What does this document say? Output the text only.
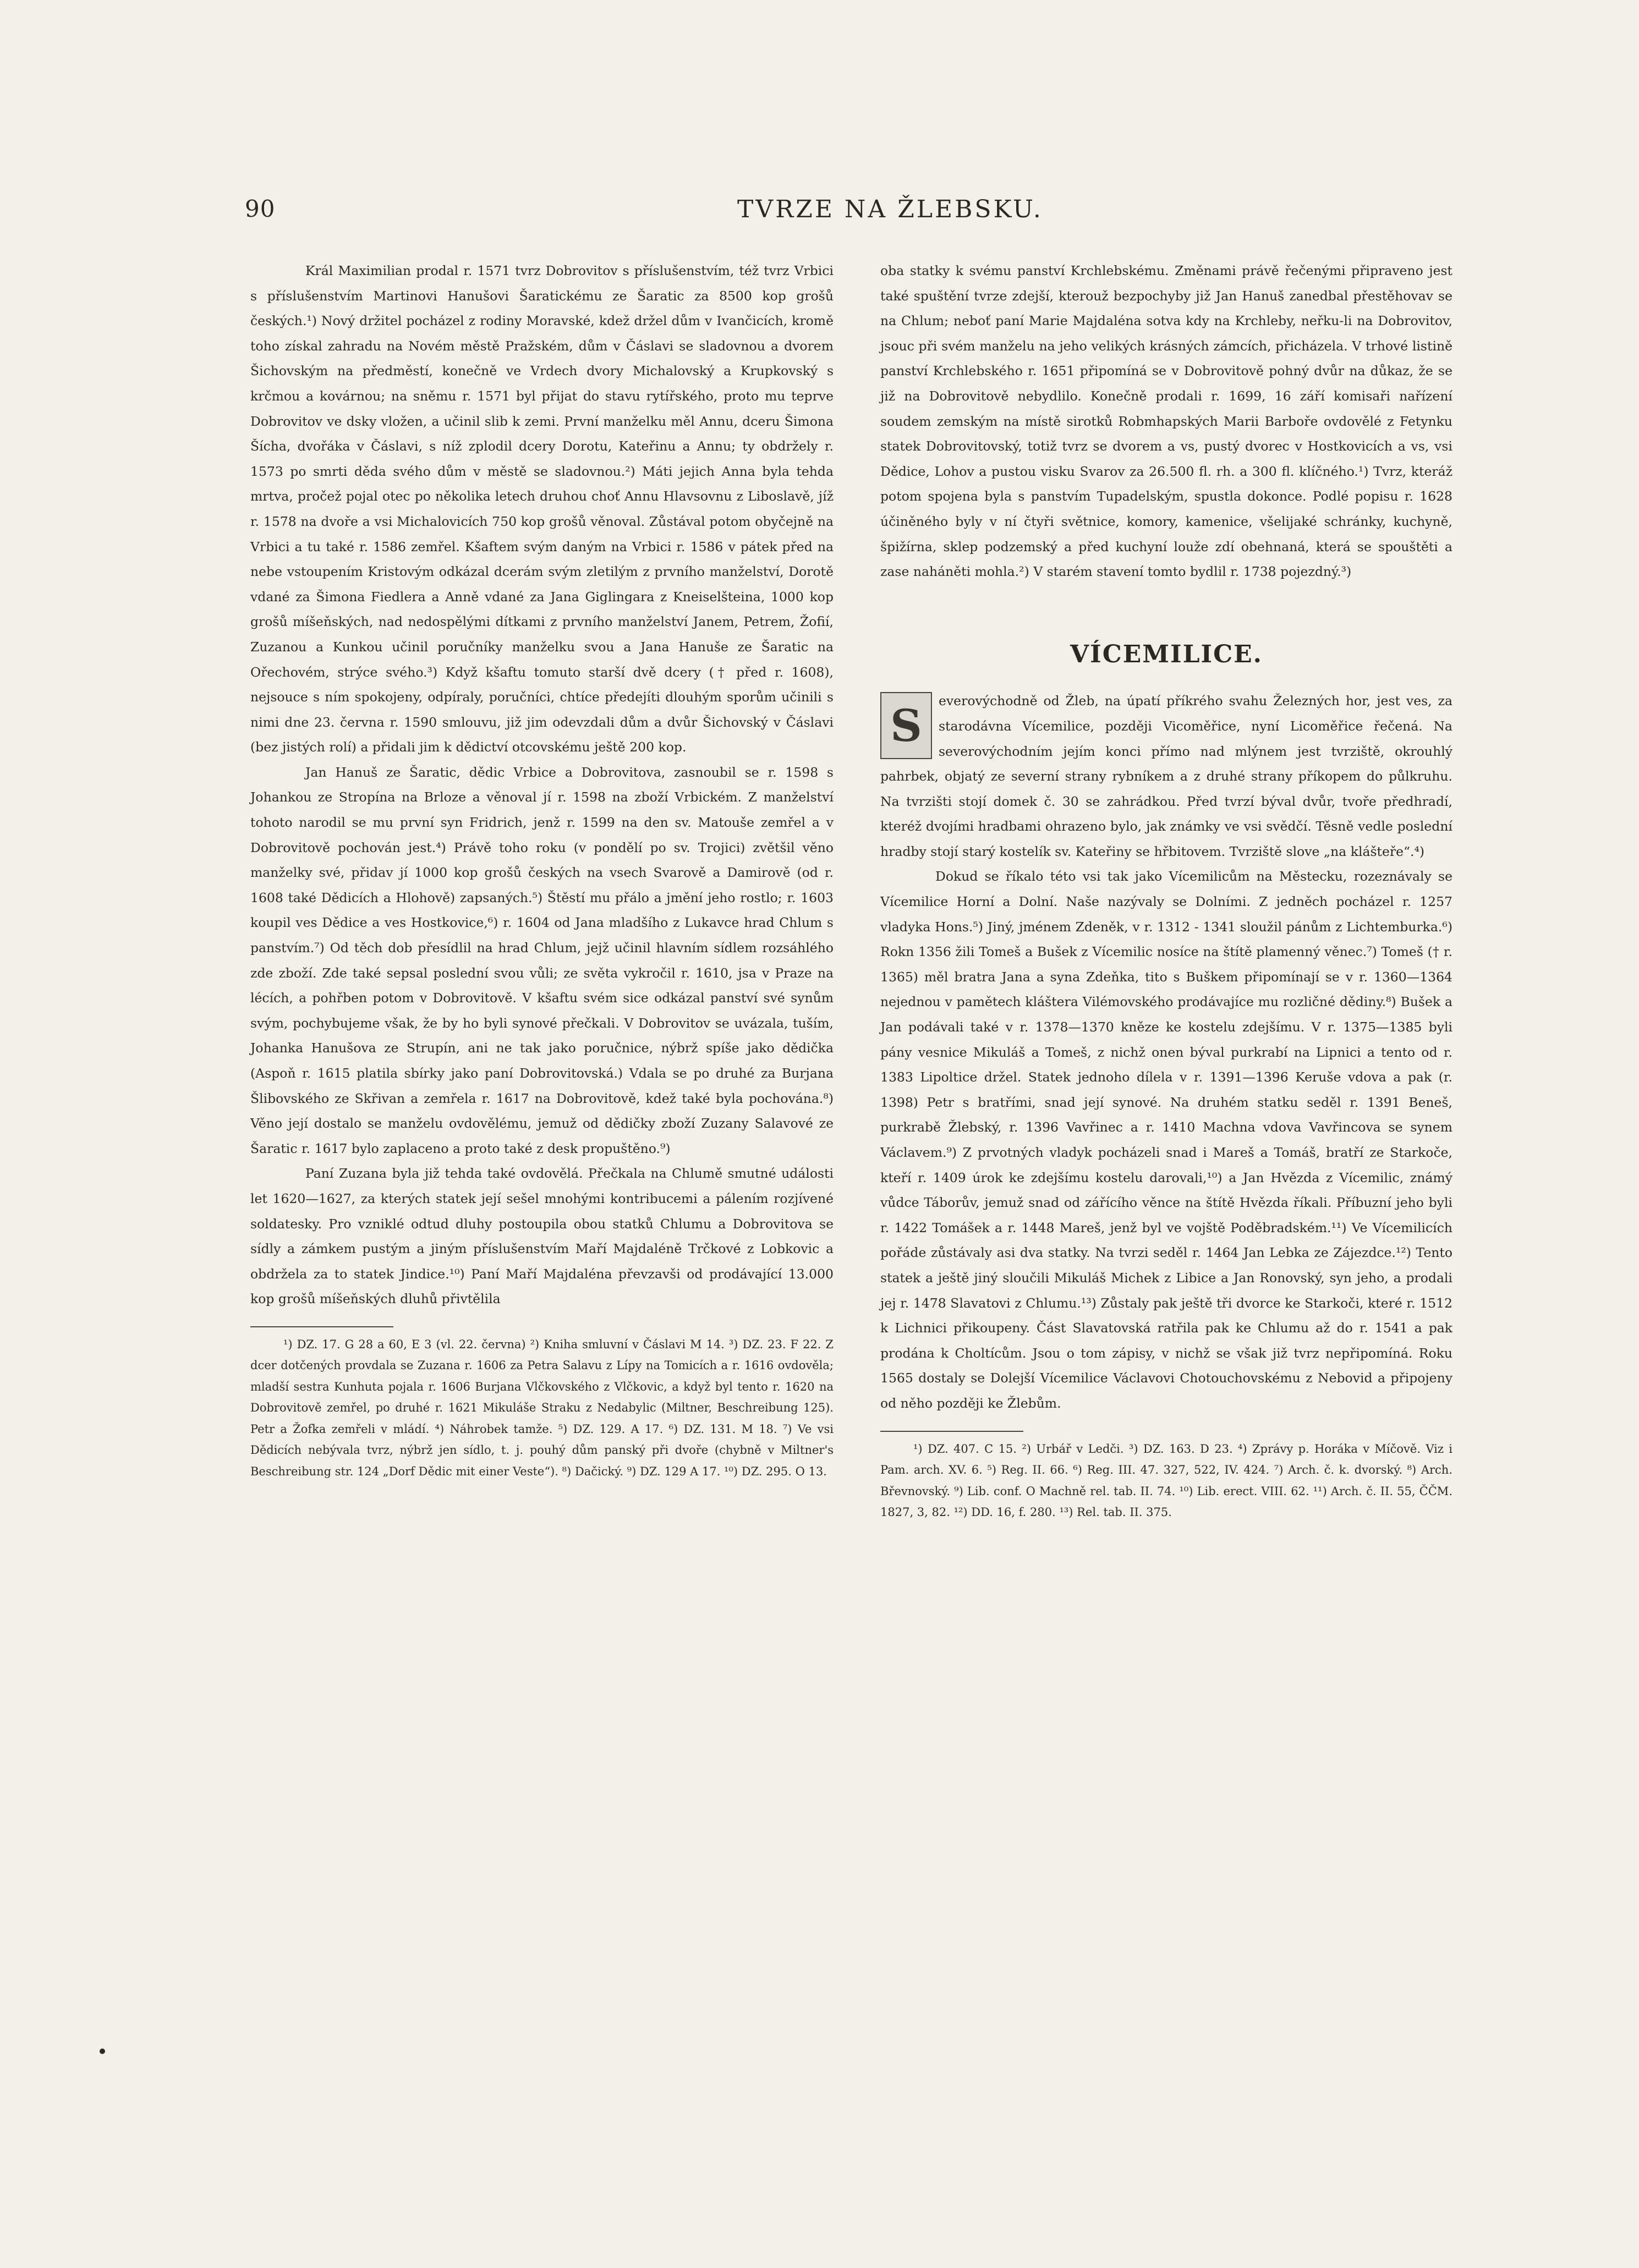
90	TVRZE NA ŽLEBSKU.

Král Maximilian prodal r. 1571 tvrz Dobrovitov s příslušenstvím, též tvrz Vrbici s příslušenstvím Martinovi Hanušovi Šaratickému ze Šaratic za 8500 kop grošů českých.¹) Nový držitel pocházel z rodiny Moravské, kdež držel dům v Ivančicích, kromě toho získal zahradu na Novém městě Pražském, dům v Čáslavi se sladovnou a dvorem Šichovským na předměstí, konečně ve Vrdech dvory Michalovský a Krupkovský s krčmou a kovárnou; na sněmu r. 1571 byl přijat do stavu rytířského, proto mu teprve Dobrovitov ve dsky vložen, a učinil slib k zemi. První manželku měl Annu, dceru Šimona Šícha, dvořáka v Čáslavi, s níž zplodil dcery Dorotu, Kateřinu a Annu; ty obdržely r. 1573 po smrti děda svého dům v městě se sladovnou.²) Máti jejich Anna byla tehda mrtva, pročež pojal otec po několika letech druhou choť Annu Hlavsovnu z Liboslavě, jíž r. 1578 na dvoře a vsi Michalovicích 750 kop grošů věnoval. Zůstával potom obyčejně na Vrbici a tu také r. 1586 zemřel. Kšaftem svým daným na Vrbici r. 1586 v pátek před na nebe vstoupením Kristovým odkázal dcerám svým zletilým z prvního manželství, Dorotě vdané za Šimona Fiedlera a Anně vdané za Jana Giglingara z Kneiselšteina, 1000 kop grošů míšeňských, nad nedospělými dítkami z prvního manželství Janem, Petrem, Žofií, Zuzanou a Kunkou učinil poručníky manželku svou a Jana Hanuše ze Šaratic na Ořechovém, strýce svého.³) Když kšaftu tomuto starší dvě dcery († před r. 1608), nejsouce s ním spokojeny, odpíraly, poručníci, chtíce předejíti dlouhým sporům učinili s nimi dne 23. června r. 1590 smlouvu, již jim odevzdali dům a dvůr Šichovský v Čáslavi (bez jistých rolí) a přidali jim k dědictví otcovskému ještě 200 kop.

Jan Hanuš ze Šaratic, dědic Vrbice a Dobrovitova, zasnoubil se r. 1598 s Johankou ze Stropína na Brloze a věnoval jí r. 1598 na zboží Vrbickém. Z manželství tohoto narodil se mu první syn Fridrich, jenž r. 1599 na den sv. Matouše zemřel a v Dobrovitově pochován jest.⁴) Právě toho roku (v pondělí po sv. Trojici) zvětšil věno manželky své, přidav jí 1000 kop grošů českých na vsech Svarově a Damirově (od r. 1608 také Dědicích a Hlohově) zapsaných.⁵) Štěstí mu přálo a jmění jeho rostlo; r. 1603 koupil ves Dědice a ves Hostkovice,⁶) r. 1604 od Jana mladšího z Lukavce hrad Chlum s panstvím.⁷) Od těch dob přesídlil na hrad Chlum, jejž učinil hlavním sídlem rozsáhlého zde zboží. Zde také sepsal poslední svou vůli; ze světa vykročil r. 1610, jsa v Praze na lécích, a pohřben potom v Dobrovitově. V kšaftu svém sice odkázal panství své synům svým, pochybujeme však, že by ho byli synové přečkali. V Dobrovitov se uvázala, tuším, Johanka Hanušova ze Strupín, ani ne tak jako poručnice, nýbrž spíše jako dědička (Aspoň r. 1615 platila sbírky jako paní Dobrovitovská.) Vdala se po druhé za Burjana Šlibovského ze Skřivan a zemřela r. 1617 na Dobrovitově, kdež také byla pochována.⁸) Věno její dostalo se manželu ovdovělému, jemuž od dědičky zboží Zuzany Salavové ze Šaratic r. 1617 bylo zaplaceno a proto také z desk propuštěno.⁹)

Paní Zuzana byla již tehda také ovdovělá. Přečkala na Chlumě smutné události let 1620—1627, za kterých statek její sešel mnohými kontribucemi a pálením rozjívené soldatesky. Pro vzniklé odtud dluhy postoupila obou statků Chlumu a Dobrovitova se sídly a zámkem pustým a jiným příslušenstvím Maří Majdaléně Trčkové z Lobkovic a obdržela za to statek Jindice.¹⁰) Paní Maří Majdaléna převzavši od prodávající 13.000 kop grošů míšeňských dluhů přivtělila

¹) DZ. 17. G 28 a 60, E 3 (vl. 22. června) ²) Kniha smluvní v Čáslavi M 14. ³) DZ. 23. F 22. Z dcer dotčených provdala se Zuzana r. 1606 za Petra Salavu z Lípy na Tomicích a r. 1616 ovdověla; mladší sestra Kunhuta pojala r. 1606 Burjana Vlčkovského z Vlčkovic, a když byl tento r. 1620 na Dobrovitově zemřel, po druhé r. 1621 Mikuláše Straku z Nedabylic (Miltner, Beschreibung 125). Petr a Žofka zemřeli v mládí. ⁴) Náhrobek tamže. ⁵) DZ. 129. A 17. ⁶) DZ. 131. M 18. ⁷) Ve vsi Dědicích nebývala tvrz, nýbrž jen sídlo, t. j. pouhý dům panský při dvoře (chybně v Miltner's Beschreibung str. 124 „Dorf Dědic mit einer Veste“). ⁸) Dačický. ⁹) DZ. 129 A 17. ¹⁰) DZ. 295. O 13.

oba statky k svému panství Krchlebskému. Změnami právě řečenými připraveno jest také spuštění tvrze zdejší, kterouž bezpochyby již Jan Hanuš zanedbal přestěhovav se na Chlum; neboť paní Marie Majdaléna sotva kdy na Krchleby, neřku-li na Dobrovitov, jsouc při svém manželu na jeho velikých krásných zámcích, přicházela. V trhové listině panství Krchlebského r. 1651 připomíná se v Dobrovitově pohný dvůr na důkaz, že se již na Dobrovitově nebydlilo. Konečně prodali r. 1699, 16 září komisaři nařízení soudem zemským na místě sirotků Robmhapských Marii Barboře ovdovělé z Fetynku statek Dobrovitovský, totiž tvrz se dvorem a vs, pustý dvorec v Hostkovicích a vs, vsi Dědice, Lohov a pustou visku Svarov za 26.500 fl. rh. a 300 fl. klíčného.¹) Tvrz, kteráž potom spojena byla s panstvím Tupadelským, spustla dokonce. Podlé popisu r. 1628 účiněného byly v ní čtyři světnice, komory, kamenice, všelijaké schránky, kuchyně, špižírna, sklep podzemský a před kuchyní louže zdí obehnaná, která se spouštěti a zase naháněti mohla.²) V starém stavení tomto bydlil r. 1738 pojezdný.³)

VÍCEMILICE.
S	everovýchodně od Žleb, na úpatí příkrého svahu Železných hor, jest ves, za starodávna Vícemilice, později Vicoměřice, nyní Licoměřice řečená. Na severovýchodním jejím konci přímo nad mlýnem jest tvrziště, okrouhlý pahrbek, objatý ze severní strany rybníkem a z druhé strany příkopem do půlkruhu. Na tvrzišti stojí domek č. 30 se zahrádkou. Před tvrzí býval dvůr, tvoře předhradí, kteréž dvojími hradbami ohrazeno bylo, jak známky ve vsi svědčí. Těsně vedle poslední hradby stojí starý kostelík sv. Kateřiny se hřbitovem. Tvrziště slove „na klášteře“.⁴)

Dokud se říkalo této vsi tak jako Vícemilicům na Městecku, rozeznávaly se Vícemilice Horní a Dolní. Naše nazývaly se Dolními. Z jedněch pocházel r. 1257 vladyka Hons.⁵) Jiný, jménem Zdeněk, v r. 1312 - 1341 sloužil pánům z Lichtemburka.⁶) Rokn 1356 žili Tomeš a Bušek z Vícemilic nosíce na štítě plamenný věnec.⁷) Tomeš († r. 1365) měl bratra Jana a syna Zdeňka, tito s Buškem připomínají se v r. 1360—1364 nejednou v pamětech kláštera Vilémovského prodávajíce mu rozličné dědiny.⁸) Bušek a Jan podávali také v r. 1378—1370 kněze ke kostelu zdejšímu. V r. 1375—1385 byli pány vesnice Mikuláš a Tomeš, z nichž onen býval purkrabí na Lipnici a tento od r. 1383 Lipoltice držel. Statek jednoho dílela v r. 1391—1396 Keruše vdova a pak (r. 1398) Petr s bratřími, snad její synové. Na druhém statku seděl r. 1391 Beneš, purkrabě Žlebský, r. 1396 Vavřinec a r. 1410 Machna vdova Vavřincova se synem Václavem.⁹) Z prvotných vladyk pocházeli snad i Mareš a Tomáš, bratří ze Starkoče, kteří r. 1409 úrok ke zdejšímu kostelu darovali,¹⁰) a Jan Hvězda z Vícemilic, známý vůdce Táborův, jemuž snad od zářícího věnce na štítě Hvězda říkali. Příbuzní jeho byli r. 1422 Tomášek a r. 1448 Mareš, jenž byl ve vojště Poděbradském.¹¹) Ve Vícemilicích pořáde zůstávaly asi dva statky. Na tvrzi seděl r. 1464 Jan Lebka ze Zájezdce.¹²) Tento statek a ještě jiný sloučili Mikuláš Michek z Libice a Jan Ronovský, syn jeho, a prodali jej r. 1478 Slavatovi z Chlumu.¹³) Zůstaly pak ještě tři dvorce ke Starkoči, které r. 1512 k Lichnici přikoupeny. Část Slavatovská ratřila pak ke Chlumu až do r. 1541 a pak prodána k Choltícům. Jsou o tom zápisy, v nichž se však již tvrz nepřipomíná. Roku 1565 dostaly se Dolejší Vícemilice Václavovi Chotouchovskému z Nebovid a připojeny od něho později ke Žlebům.

¹) DZ. 407. C 15. ²) Urbář v Ledči. ³) DZ. 163. D 23. ⁴) Zprávy p. Horáka v Míčově. Viz i Pam. arch. XV. 6. ⁵) Reg. II. 66. ⁶) Reg. III. 47. 327, 522, IV. 424. ⁷) Arch. č. k. dvorský. ⁸) Arch. Břevnovský. ⁹) Lib. conf. O Machně rel. tab. II. 74. ¹⁰) Lib. erect. VIII. 62. ¹¹) Arch. č. II. 55, ČČM. 1827, 3, 82. ¹²) DD. 16, f. 280. ¹³) Rel. tab. II. 375.
